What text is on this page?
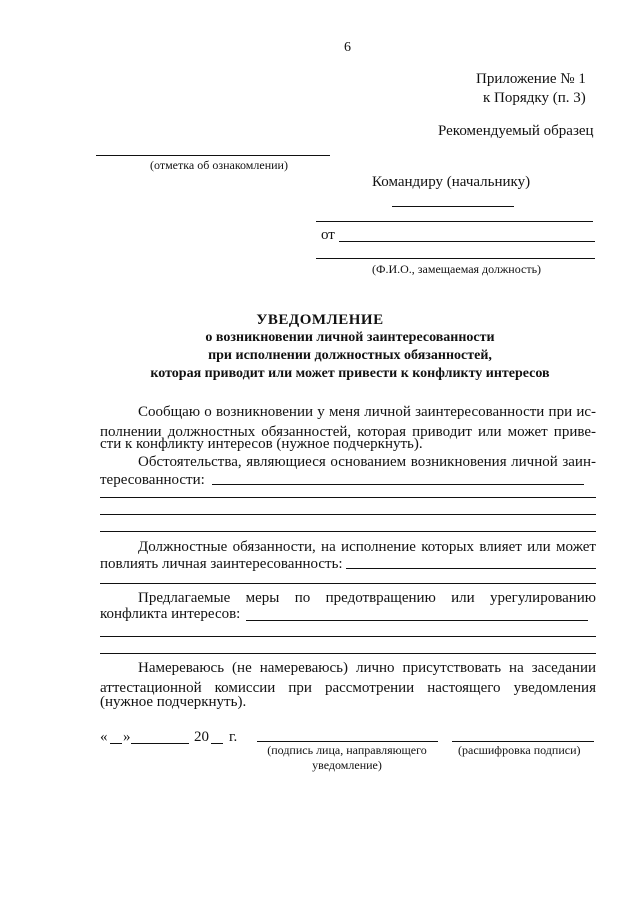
6
Приложение № 1
к Порядку (п. 3)
Рекомендуемый образец
(отметка об ознакомлении)
Командиру (начальнику)
от
(Ф.И.О., замещаемая должность)
УВЕДОМЛЕНИЕ
о возникновении личной заинтересованности
при исполнении должностных обязанностей,
которая приводит или может привести к конфликту интересов
Сообщаю о возникновении у меня личной заинтересованности при ис-
полнении должностных обязанностей, которая приводит или может приве-
сти к конфликту интересов (нужное подчеркнуть).
Обстоятельства, являющиеся основанием возникновения личной заин-
тересованности:
Должностные обязанности, на исполнение которых влияет или может
повлиять личная заинтересованность:
Предлагаемые меры по предотвращению или урегулированию
конфликта интересов:
Намереваюсь (не намереваюсь) лично присутствовать на заседании
аттестационной комиссии при рассмотрении настоящего уведомления
(нужное подчеркнуть).
« »	20 г.
(подпись лица, направляющего
уведомление)
(расшифровка подписи)
